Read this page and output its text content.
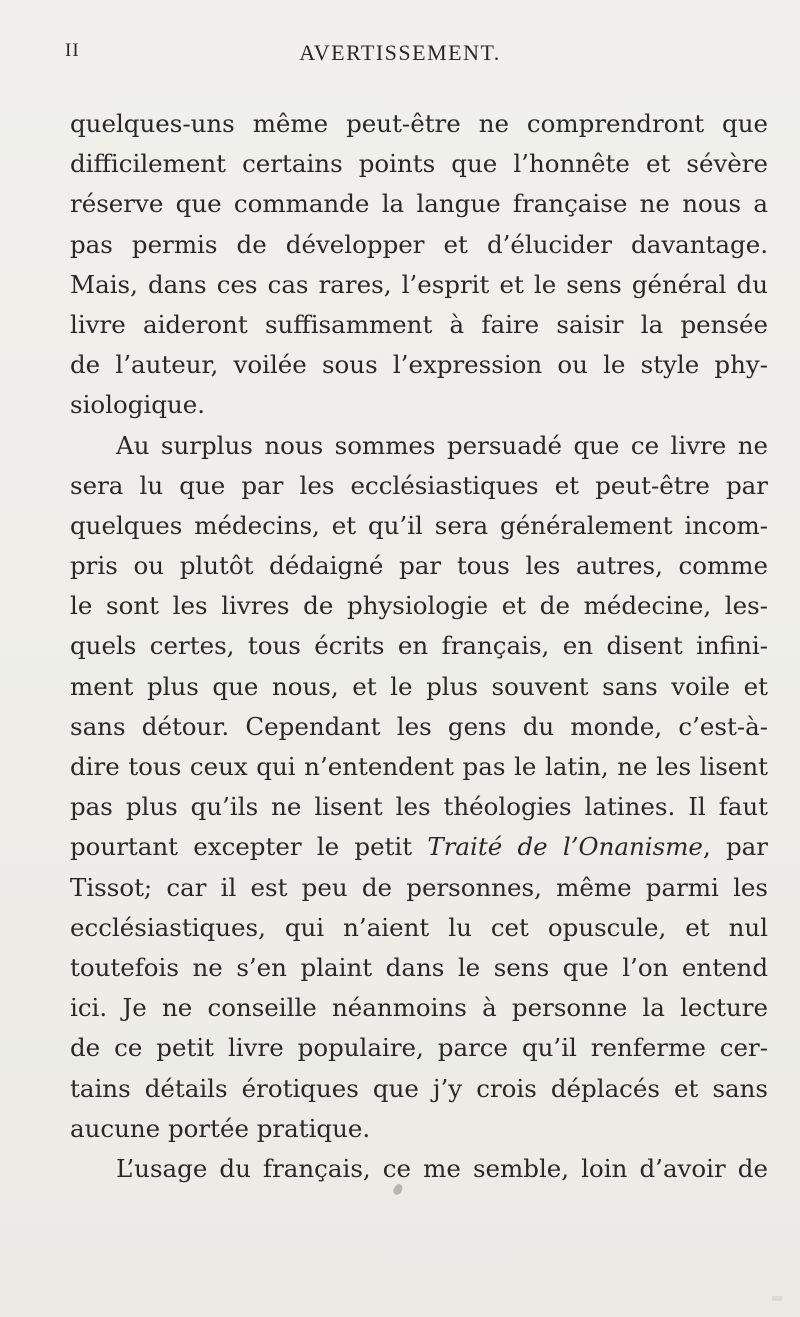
AVERTISSEMENT.
II
quelques-uns même peut-être ne comprendront que
difficilement certains points que l’honnête et sévère
réserve que commande la langue française ne nous a
pas permis de développer et d’élucider davantage.
Mais, dans ces cas rares, l’esprit et le sens général du
livre aideront suffisamment à faire saisir la pensée
de l’auteur, voilée sous l’expression ou le style phy-
siologique.
Au surplus nous sommes persuadé que ce livre ne
sera lu que par les ecclésiastiques et peut-être par
quelques médecins, et qu’il sera généralement incom-
pris ou plutôt dédaigné par tous les autres, comme
le sont les livres de physiologie et de médecine, les-
quels certes, tous écrits en français, en disent infini-
ment plus que nous, et le plus souvent sans voile et
sans détour. Cependant les gens du monde, c’est-à-
dire tous ceux qui n’entendent pas le latin, ne les lisent
pas plus qu’ils ne lisent les théologies latines. Il faut
pourtant excepter le petit Traité de l’Onanisme, par
Tissot; car il est peu de personnes, même parmi les
ecclésiastiques, qui n’aient lu cet opuscule, et nul
toutefois ne s’en plaint dans le sens que l’on entend
ici. Je ne conseille néanmoins à personne la lecture
de ce petit livre populaire, parce qu’il renferme cer-
tains détails érotiques que j’y crois déplacés et sans
aucune portée pratique.
L’usage du français, ce me semble, loin d’avoir de
